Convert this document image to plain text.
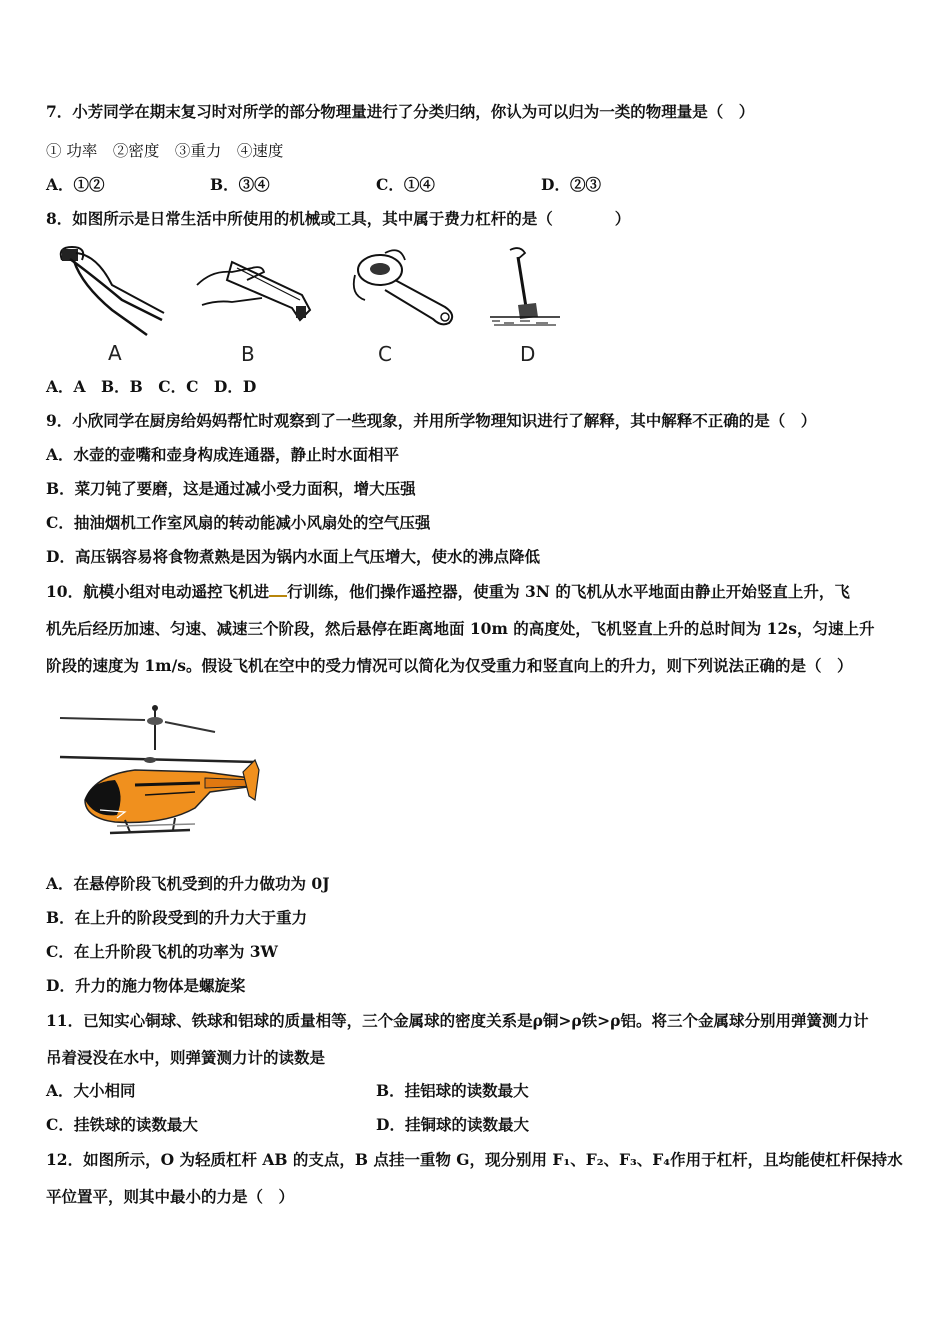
7．小芳同学在期末复习时对所学的部分物理量进行了分类归纳，你认为可以归为一类的物理量是（　）
① 功率　②密度　③重力　④速度
A．①②	B．③④	C．①④	D．②③
8．如图所示是日常生活中所使用的机械或工具，其中属于费力杠杆的是（　　　　）
A	B	C	D
A．A　B．B　C．C　D．D
9．小欣同学在厨房给妈妈帮忙时观察到了一些现象，并用所学物理知识进行了解释，其中解释不正确的是（　）
A．水壶的壶嘴和壶身构成连通器，静止时水面相平
B．菜刀钝了要磨，这是通过减小受力面积，增大压强
C．抽油烟机工作室风扇的转动能减小风扇处的空气压强
D．高压锅容易将食物煮熟是因为锅内水面上气压增大，使水的沸点降低
10．航模小组对电动遥控飞机进 行训练，他们操作遥控器，使重为 3N 的飞机从水平地面由静止开始竖直上升，飞
机先后经历加速、匀速、减速三个阶段，然后悬停在距离地面 10m 的高度处，飞机竖直上升的总时间为 12s，匀速上升
阶段的速度为 1m/s。假设飞机在空中的受力情况可以简化为仅受重力和竖直向上的升力，则下列说法正确的是（　）
A．在悬停阶段飞机受到的升力做功为 0J
B．在上升的阶段受到的升力大于重力
C．在上升阶段飞机的功率为 3W
D．升力的施力物体是螺旋桨
11．已知实心铜球、铁球和铝球的质量相等，三个金属球的密度关系是ρ铜>ρ铁>ρ铝。将三个金属球分别用弹簧测力计
吊着浸没在水中，则弹簧测力计的读数是
A．大小相同	B．挂铝球的读数最大
C．挂铁球的读数最大	D．挂铜球的读数最大
12．如图所示，O 为轻质杠杆 AB 的支点，B 点挂一重物 G，现分别用 F₁、F₂、F₃、F₄作用于杠杆，且均能使杠杆保持水
平位置平，则其中最小的力是（　）
